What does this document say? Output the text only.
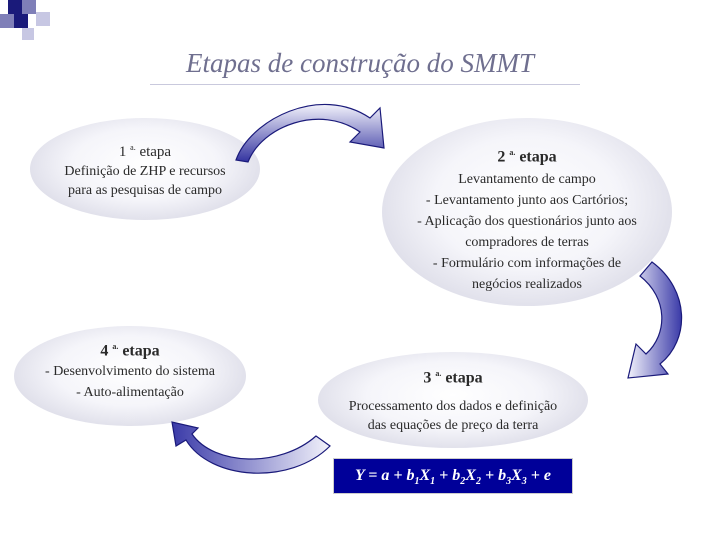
Etapas de construção do SMMT
1 $^{a.}$ etapa
Definição de ZHP e recursos
para as pesquisas de campo
2 $^{a.}$ etapa
Levantamento de campo
- Levantamento junto aos Cartórios;
- Aplicação dos questionários junto aos
compradores de terras
- Formulário com informações de
negócios realizados
4 $^{a.}$ etapa
- Desenvolvimento do sistema
- Auto-alimentação
3 $^{a.}$ etapa
Processamento dos dados e definição
das equações de preço da terra
$Y = a + b_1X_1 + b_2X_2 + b_3X_3 + e$
